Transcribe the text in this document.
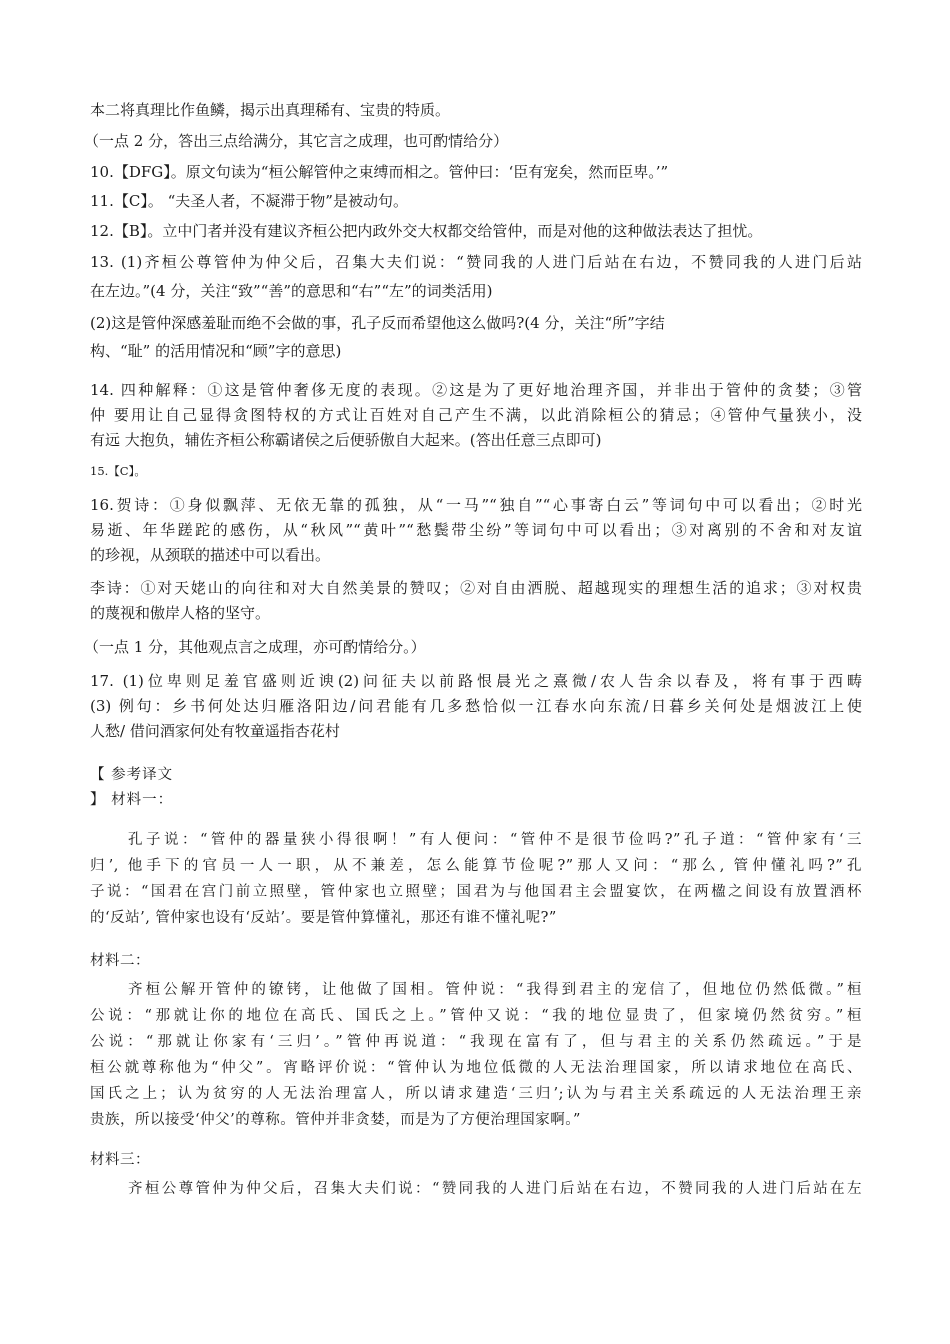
本二将真理比作鱼鳞，揭示出真理稀有、宝贵的特质。
（一点 2 分，答出三点给满分，其它言之成理，也可酌情给分）
10.【DFG】。原文句读为“桓公解管仲之束缚而相之。管仲曰：‘臣有宠矣，然而臣卑。’”
11.【C】。 “夫圣人者，不凝滞于物”是被动句。
12.【B】。立中门者并没有建议齐桓公把内政外交大权都交给管仲，而是对他的这种做法表达了担忧。
13. (1)齐桓公尊管仲为仲父后，召集大夫们说：“赞同我的人进门后站在右边，不赞同我的人进门后站
在左边。”(4 分，关注“致”“善”的意思和“右”“左”的词类活用)
(2)这是管仲深感羞耻而绝不会做的事，孔子反而希望他这么做吗?(4 分，关注“所”字结
构、“耻” 的活用情况和“顾”字的意思)
14. 四种解释：①这是管仲奢侈无度的表现。②这是为了更好地治理齐国，并非出于管仲的贪婪；③管
仲 要用让自己显得贪图特权的方式让百姓对自己产生不满，以此消除桓公的猜忌；④管仲气量狭小，没
有远 大抱负，辅佐齐桓公称霸诸侯之后便骄傲自大起来。(答出任意三点即可)
15.【C】。
16.贺诗：①身似飘萍、无依无靠的孤独，从“一马”“独自”“心事寄白云”等词句中可以看出；②时光
易逝、年华蹉跎的感伤，从“秋风”“黄叶”“愁鬓带尘纷”等词句中可以看出；③对离别的不舍和对友谊
的珍视，从颈联的描述中可以看出。
李诗：①对天姥山的向往和对大自然美景的赞叹；②对自由洒脱、超越现实的理想生活的追求；③对权贵
的蔑视和傲岸人格的坚守。
（一点 1 分，其他观点言之成理，亦可酌情给分。）
17. (1)位卑则足羞官盛则近谀(2)问征夫以前路恨晨光之熹微/农人告余以春及，将有事于西畴
(3) 例句：乡书何处达归雁洛阳边/问君能有几多愁恰似一江春水向东流/日暮乡关何处是烟波江上使
人愁/ 借问酒家何处有牧童遥指杏花村
【 参考译文
】 材料一：
孔子说：“管仲的器量狭小得很啊！”有人便问：“管仲不是很节俭吗?”孔子道：“管仲家有‘三
归’, 他手下的官员一人一职，从不兼差，怎么能算节俭呢?”那人又问：“那么, 管仲懂礼吗?”孔
子说：“国君在宫门前立照壁，管仲家也立照壁；国君为与他国君主会盟宴饮，在两楹之间设有放置酒杯
的‘反站’, 管仲家也设有‘反站’。要是管仲算懂礼，那还有谁不懂礼呢?”
材料二：
齐桓公解开管仲的镣铐，让他做了国相。管仲说：“我得到君主的宠信了，但地位仍然低微。”桓
公说：“那就让你的地位在高氏、国氏之上。”管仲又说：“我的地位显贵了，但家境仍然贫穷。”桓
公说：“那就让你家有‘三归’。”管仲再说道：“我现在富有了，但与君主的关系仍然疏远。”于是
桓公就尊称他为“仲父”。宵略评价说：“管仲认为地位低微的人无法治理国家，所以请求地位在高氏、
国氏之上；认为贫穷的人无法治理富人，所以请求建造‘三归’;认为与君主关系疏远的人无法治理王亲
贵族，所以接受‘仲父’的尊称。管仲并非贪婪，而是为了方便治理国家啊。”
材料三：
齐桓公尊管仲为仲父后，召集大夫们说：“赞同我的人进门后站在右边，不赞同我的人进门后站在左
